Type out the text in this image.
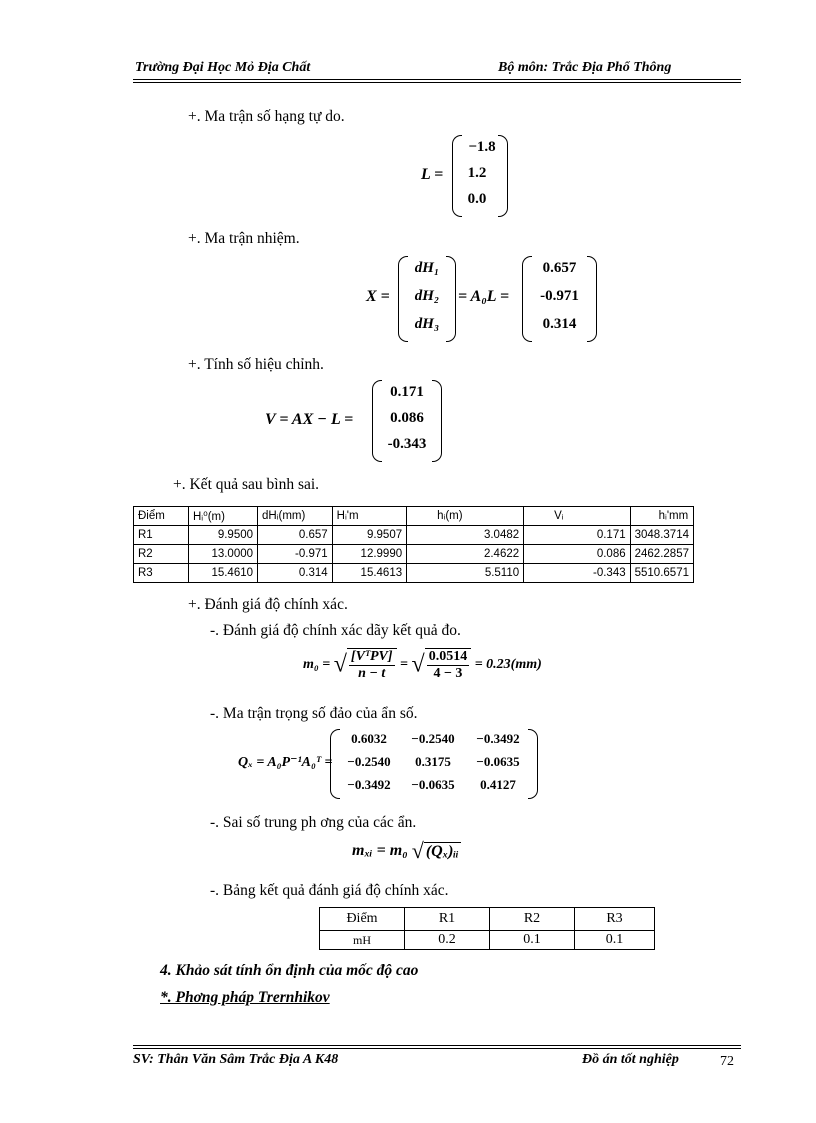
Trường Đại Học Mỏ Địa Chất	Bộ môn: Trắc Địa Phổ Thông
+. Ma trận số hạng tự do.
L =
−1.8
1.2
0.0
+. Ma trận nhiệm.
X =
dH₁
dH₂
dH₃
= A₀L =
0.657
-0.971
0.314
+. Tính số hiệu chỉnh.
V = AX − L =
0.171
0.086
-0.343
+. Kết quả sau bình sai.
Điểm	Hᵢ⁰(m)	dHᵢ(mm)	Hᵢ'm	hᵢ(m)	Vᵢ	hᵢ'mm
R1	9.9500	0.657	9.9507	3.0482	0.171	3048.3714
R2	13.0000	-0.971	12.9990	2.4622	0.086	2462.2857
R3	15.4610	0.314	15.4613	5.5110	-0.343	5510.6571
+. Đánh giá độ chính xác.
-. Đánh giá độ chính xác dãy kết quả đo.
m₀ = √ $\frac{\text{[VᵀPV]}}{n - t}$ = √ $\frac{0.0514}{4 - 3} = 0.23(mm)$
-. Ma trận trọng số đảo của ẩn số.
Qₓ = A₀P⁻¹A₀ᵀ =
0.6032	−0.2540	−0.3492
−0.2540	0.3175	−0.0635
−0.3492	−0.0635	0.4127
-. Sai số trung ph ơng của các ẩn.
mₓᵢ = m₀ √ (Qₓ)ᵢᵢ
-. Bảng kết quả đánh giá độ chính xác.
Điểm	R1	R2	R3
mH	0.2	0.1	0.1
4. Khảo sát tính ổn định của mốc độ cao
*. Phơng pháp Trernhikov
SV: Thân Văn Sâm Trắc Địa A K48	Đồ án tốt nghiệp	72
